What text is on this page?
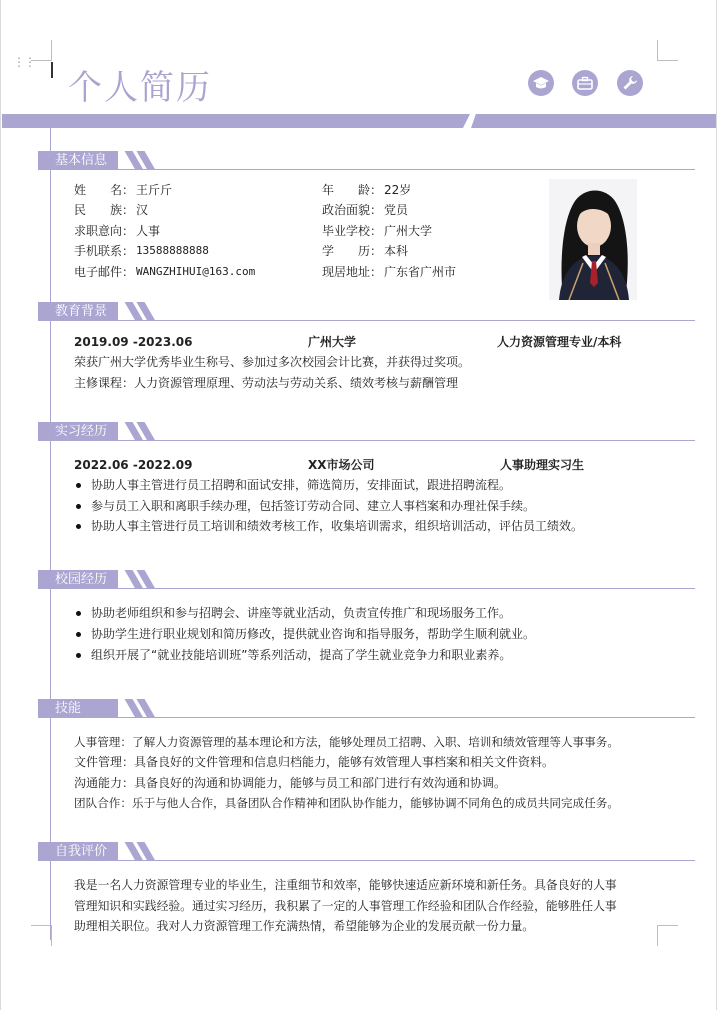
⋮⋮
个人简历
基本信息
姓　　名： 王斤斤	年　　龄： 22岁
民　　族： 汉	政治面貌： 党员
求职意向： 人事	毕业学校： 广州大学
手机联系： 13588888888	学　　历： 本科
电子邮件： WANGZHIHUI@163.com	现居地址： 广东省广州市
教育背景
2019.09 -2023.06	广州大学	人力资源管理专业/本科
荣获广州大学优秀毕业生称号、参加过多次校园会计比赛，并获得过奖项。
主修课程：人力资源管理原理、劳动法与劳动关系、绩效考核与薪酬管理
实习经历
2022.06 -2022.09	XX市场公司	人事助理实习生
协助人事主管进行员工招聘和面试安排，筛选简历，安排面试，跟进招聘流程。
参与员工入职和离职手续办理，包括签订劳动合同、建立人事档案和办理社保手续。
协助人事主管进行员工培训和绩效考核工作，收集培训需求，组织培训活动，评估员工绩效。
校园经历
协助老师组织和参与招聘会、讲座等就业活动，负责宣传推广和现场服务工作。
协助学生进行职业规划和简历修改，提供就业咨询和指导服务，帮助学生顺利就业。
组织开展了“就业技能培训班”等系列活动，提高了学生就业竞争力和职业素养。
技能
人事管理：了解人力资源管理的基本理论和方法，能够处理员工招聘、入职、培训和绩效管理等人事事务。
文件管理：具备良好的文件管理和信息归档能力，能够有效管理人事档案和相关文件资料。
沟通能力：具备良好的沟通和协调能力，能够与员工和部门进行有效沟通和协调。
团队合作：乐于与他人合作，具备团队合作精神和团队协作能力，能够协调不同角色的成员共同完成任务。
自我评价
我是一名人力资源管理专业的毕业生，注重细节和效率，能够快速适应新环境和新任务。具备良好的人事
管理知识和实践经验。通过实习经历，我积累了一定的人事管理工作经验和团队合作经验，能够胜任人事
助理相关职位。我对人力资源管理工作充满热情，希望能够为企业的发展贡献一份力量。
